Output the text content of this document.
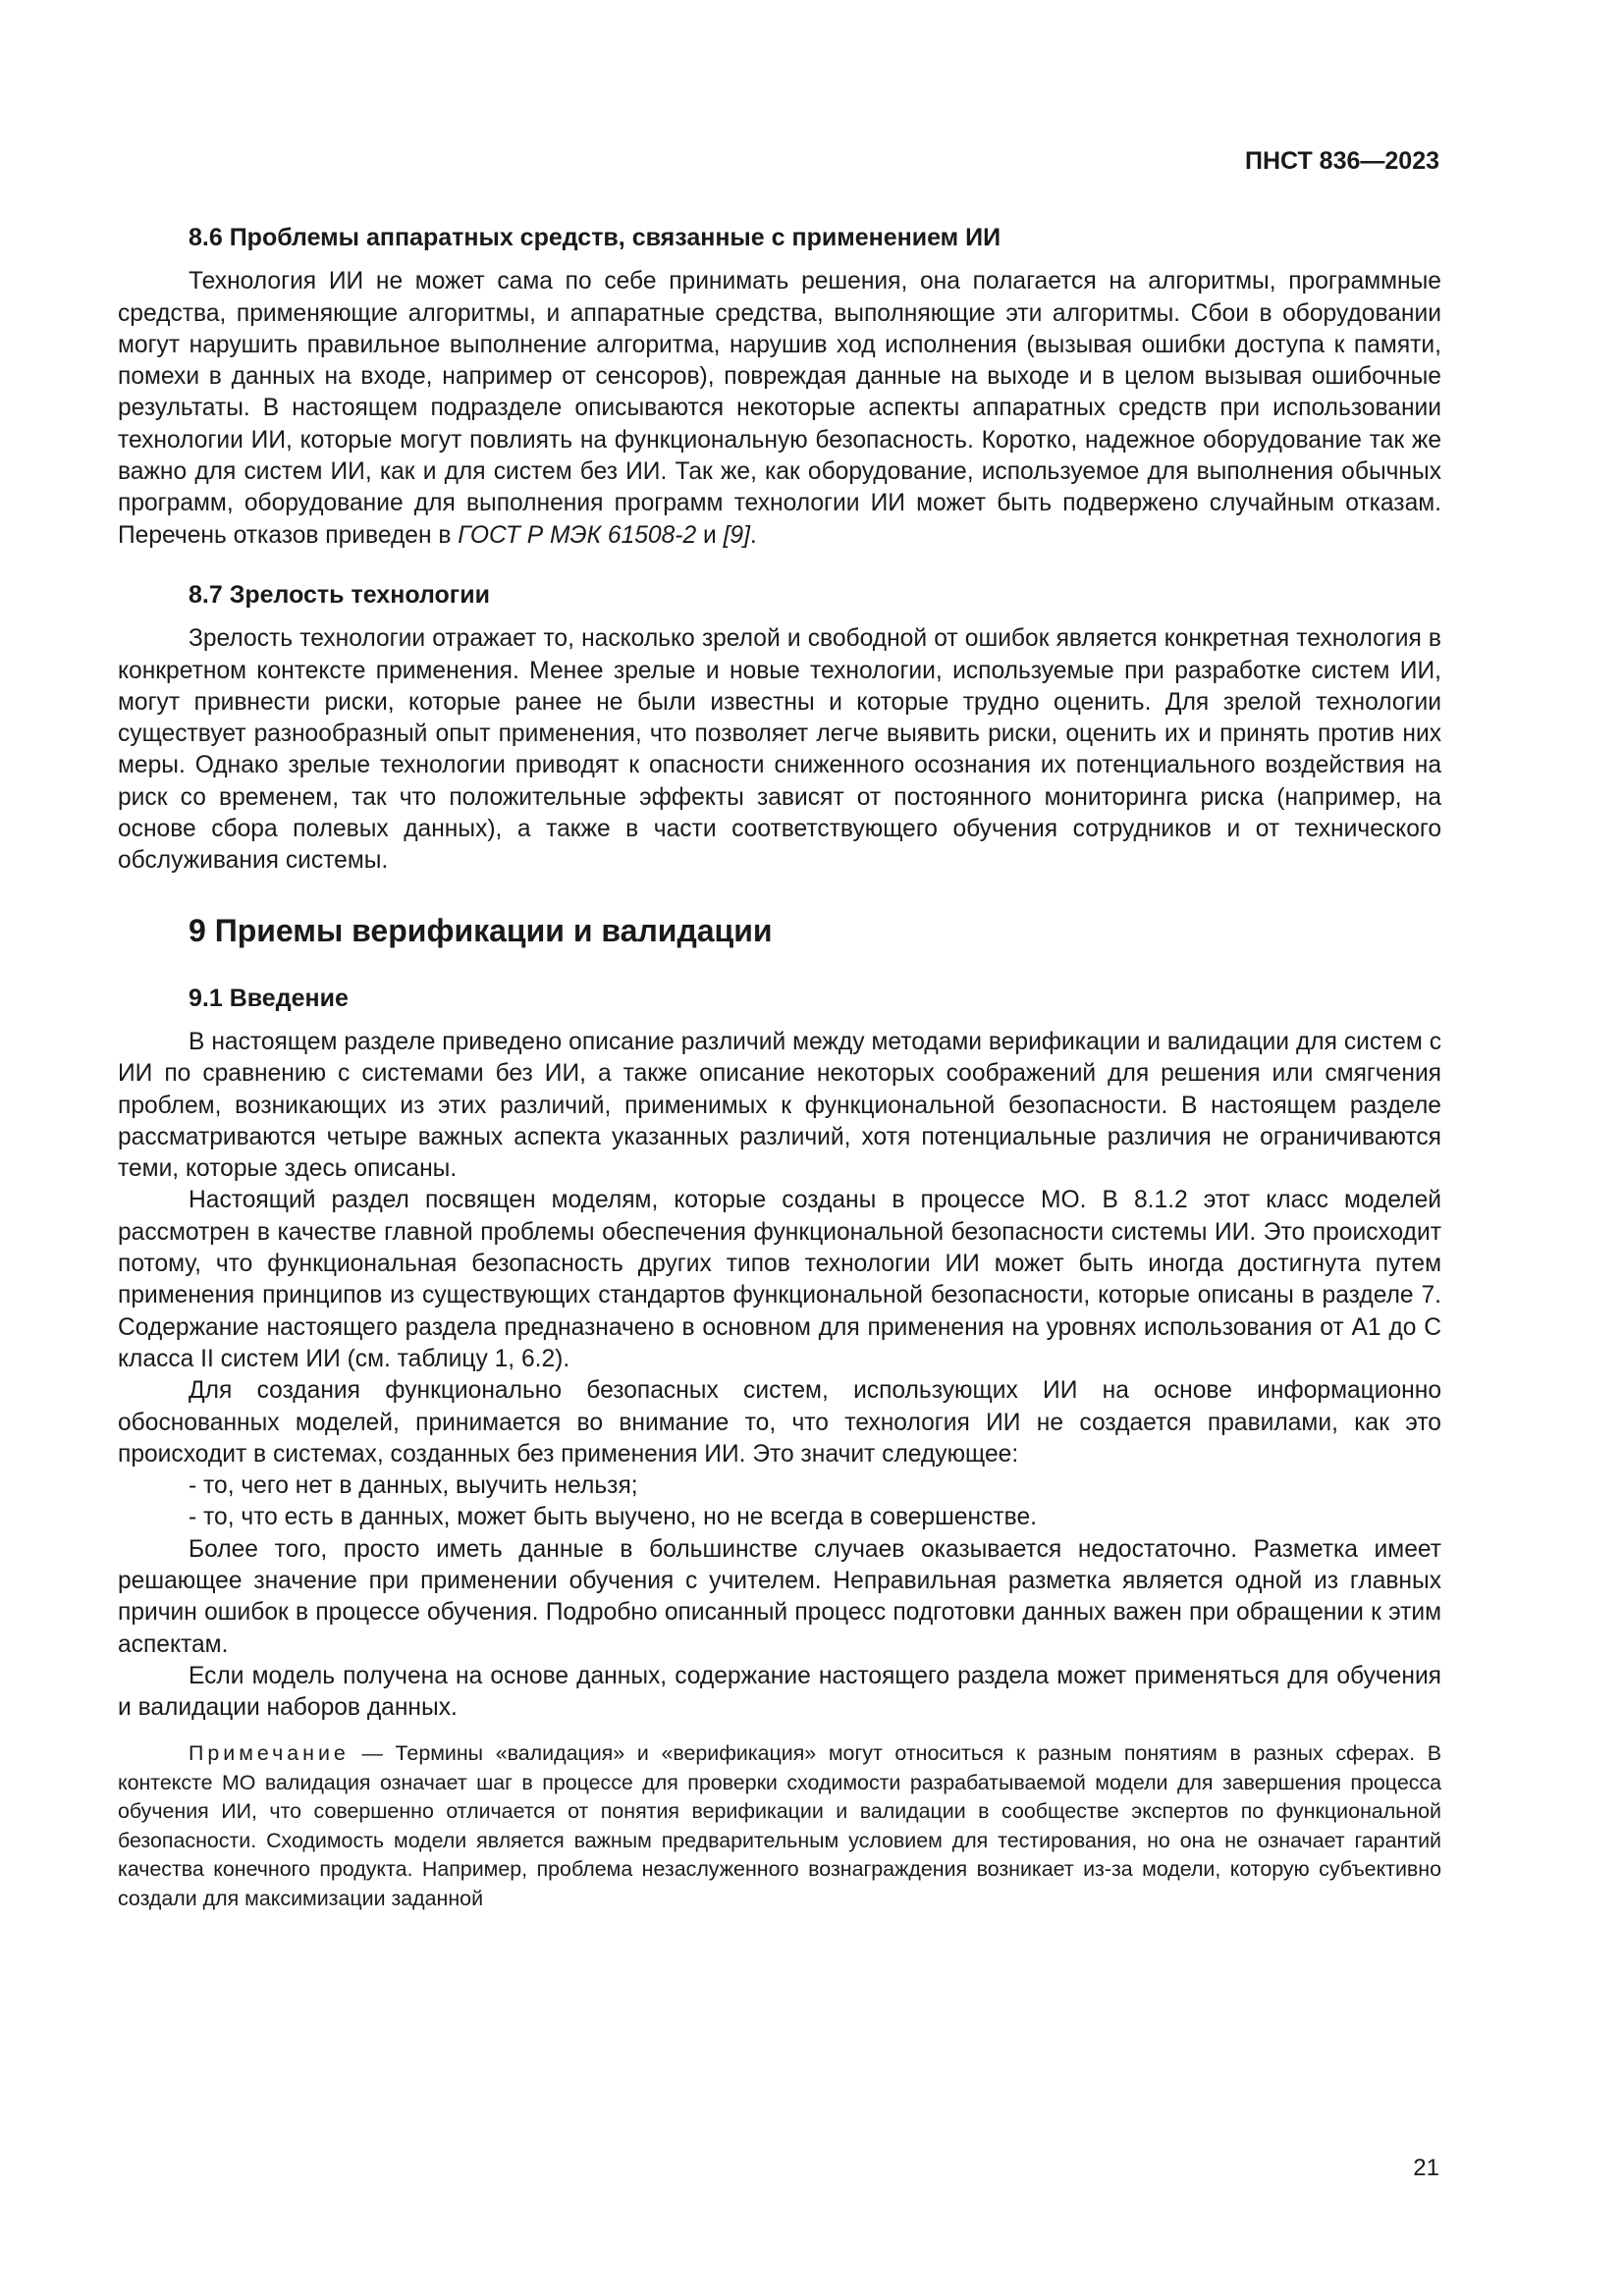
ПНСТ 836—2023

8.6 Проблемы аппаратных средств, связанные с применением ИИ

Технология ИИ не может сама по себе принимать решения, она полагается на алгоритмы, программные средства, применяющие алгоритмы, и аппаратные средства, выполняющие эти алгоритмы. Сбои в оборудовании могут нарушить правильное выполнение алгоритма, нарушив ход исполнения (вызывая ошибки доступа к памяти, помехи в данных на входе, например от сенсоров), повреждая данные на выходе и в целом вызывая ошибочные результаты. В настоящем подразделе описываются некоторые аспекты аппаратных средств при использовании технологии ИИ, которые могут повлиять на функциональную безопасность. Коротко, надежное оборудование так же важно для систем ИИ, как и для систем без ИИ. Так же, как оборудование, используемое для выполнения обычных программ, оборудование для выполнения программ технологии ИИ может быть подвержено случайным отказам. Перечень отказов приведен в ГОСТ Р МЭК 61508-2 и [9].

8.7 Зрелость технологии

Зрелость технологии отражает то, насколько зрелой и свободной от ошибок является конкретная технология в конкретном контексте применения. Менее зрелые и новые технологии, используемые при разработке систем ИИ, могут привнести риски, которые ранее не были известны и которые трудно оценить. Для зрелой технологии существует разнообразный опыт применения, что позволяет легче выявить риски, оценить их и принять против них меры. Однако зрелые технологии приводят к опасности сниженного осознания их потенциального воздействия на риск со временем, так что положительные эффекты зависят от постоянного мониторинга риска (например, на основе сбора полевых данных), а также в части соответствующего обучения сотрудников и от технического обслуживания системы.

9 Приемы верификации и валидации
9.1 Введение

В настоящем разделе приведено описание различий между методами верификации и валидации для систем с ИИ по сравнению с системами без ИИ, а также описание некоторых соображений для решения или смягчения проблем, возникающих из этих различий, применимых к функциональной безопасности. В настоящем разделе рассматриваются четыре важных аспекта указанных различий, хотя потенциальные различия не ограничиваются теми, которые здесь описаны.

Настоящий раздел посвящен моделям, которые созданы в процессе МО. В 8.1.2 этот класс моделей рассмотрен в качестве главной проблемы обеспечения функциональной безопасности системы ИИ. Это происходит потому, что функциональная безопасность других типов технологии ИИ может быть иногда достигнута путем применения принципов из существующих стандартов функциональной безопасности, которые описаны в разделе 7. Содержание настоящего раздела предназначено в основном для применения на уровнях использования от А1 до С класса II систем ИИ (см. таблицу 1, 6.2).

Для создания функционально безопасных систем, использующих ИИ на основе информационно обоснованных моделей, принимается во внимание то, что технология ИИ не создается правилами, как это происходит в системах, созданных без применения ИИ. Это значит следующее:

- то, чего нет в данных, выучить нельзя;

- то, что есть в данных, может быть выучено, но не всегда в совершенстве.

Более того, просто иметь данные в большинстве случаев оказывается недостаточно. Разметка имеет решающее значение при применении обучения с учителем. Неправильная разметка является одной из главных причин ошибок в процессе обучения. Подробно описанный процесс подготовки данных важен при обращении к этим аспектам.

Если модель получена на основе данных, содержание настоящего раздела может применяться для обучения и валидации наборов данных.

Примечание — Термины «валидация» и «верификация» могут относиться к разным понятиям в разных сферах. В контексте МО валидация означает шаг в процессе для проверки сходимости разрабатываемой модели для завершения процесса обучения ИИ, что совершенно отличается от понятия верификации и валидации в сообществе экспертов по функциональной безопасности. Сходимость модели является важным предварительным условием для тестирования, но она не означает гарантий качества конечного продукта. Например, проблема незаслуженного вознаграждения возникает из-за модели, которую субъективно создали для максимизации заданной

21
